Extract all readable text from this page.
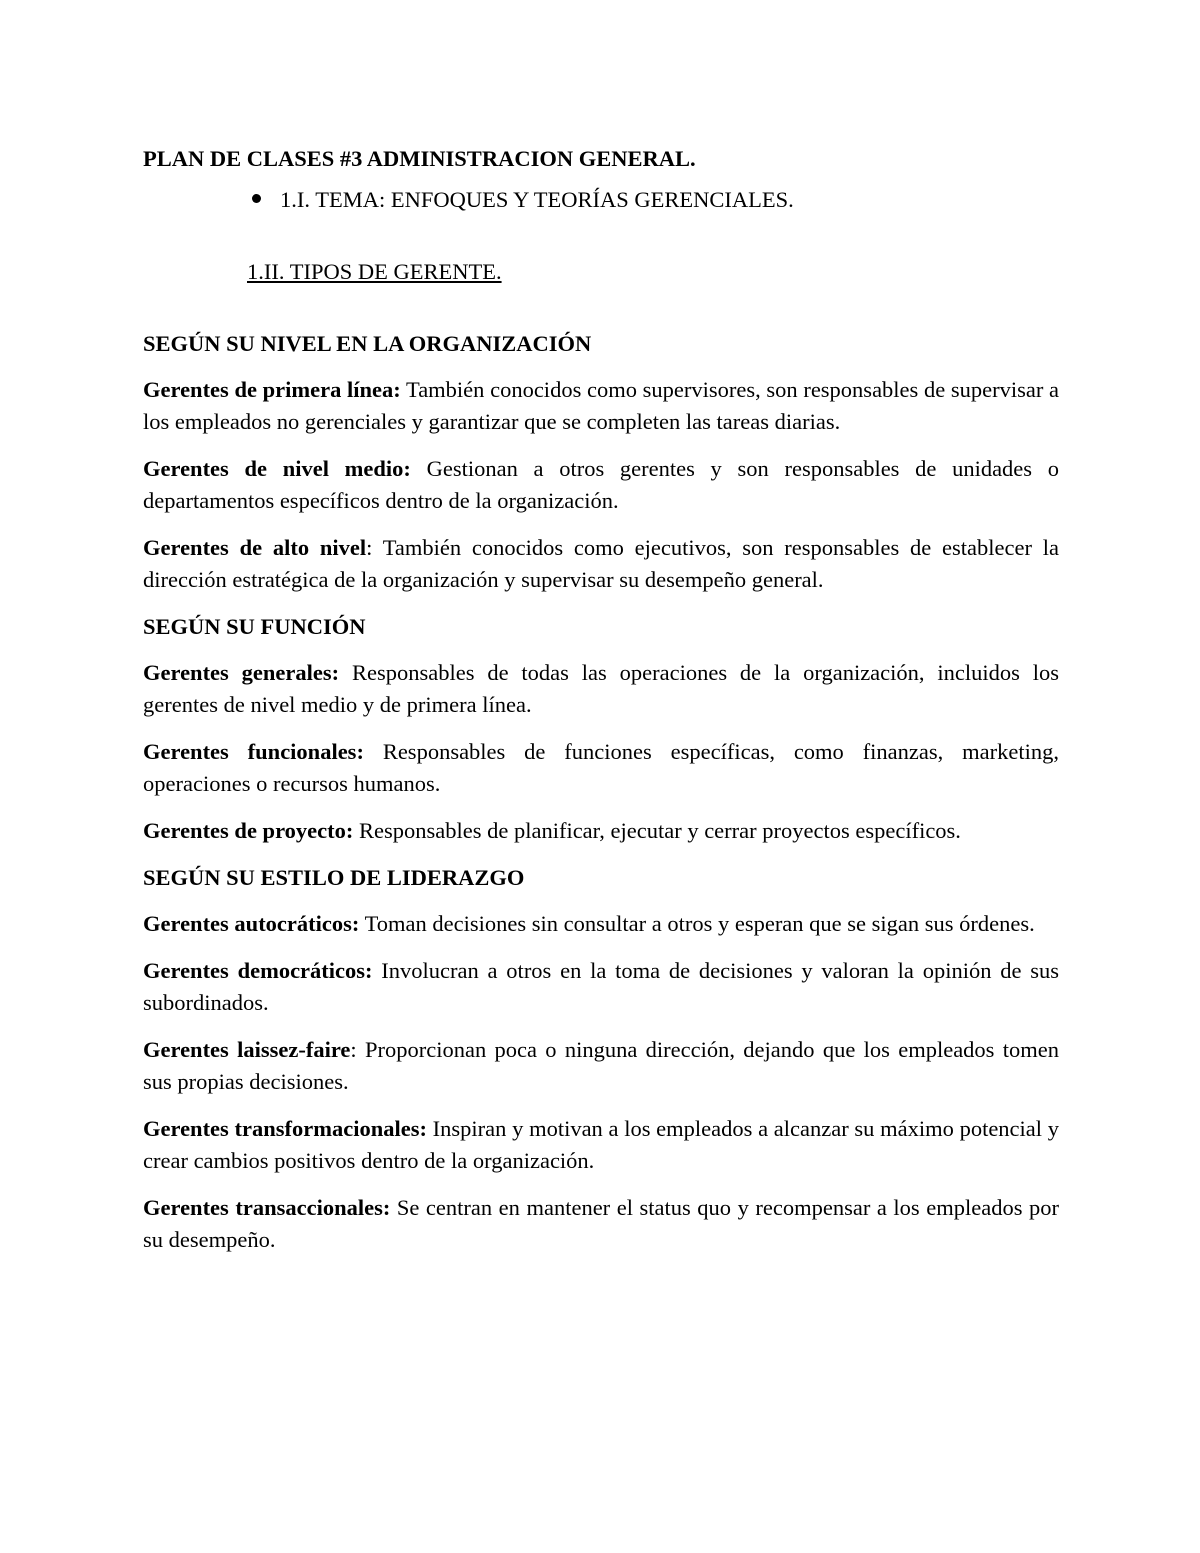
PLAN DE CLASES #3 ADMINISTRACION GENERAL.
1.I. TEMA: ENFOQUES Y TEORÍAS GERENCIALES.
1.II. TIPOS DE GERENTE.
SEGÚN SU NIVEL EN LA ORGANIZACIÓN

Gerentes de primera línea: También conocidos como supervisores, son responsables de supervisar a los empleados no gerenciales y garantizar que se completen las tareas diarias.

Gerentes de nivel medio: Gestionan a otros gerentes y son responsables de unidades o departamentos específicos dentro de la organización.

Gerentes de alto nivel: También conocidos como ejecutivos, son responsables de establecer la dirección estratégica de la organización y supervisar su desempeño general.

SEGÚN SU FUNCIÓN

Gerentes generales: Responsables de todas las operaciones de la organización, incluidos los gerentes de nivel medio y de primera línea.

Gerentes funcionales: Responsables de funciones específicas, como finanzas, marketing, operaciones o recursos humanos.

Gerentes de proyecto: Responsables de planificar, ejecutar y cerrar proyectos específicos.

SEGÚN SU ESTILO DE LIDERAZGO

Gerentes autocráticos: Toman decisiones sin consultar a otros y esperan que se sigan sus órdenes.

Gerentes democráticos: Involucran a otros en la toma de decisiones y valoran la opinión de sus subordinados.

Gerentes laissez-faire: Proporcionan poca o ninguna dirección, dejando que los empleados tomen sus propias decisiones.

Gerentes transformacionales: Inspiran y motivan a los empleados a alcanzar su máximo potencial y crear cambios positivos dentro de la organización.

Gerentes transaccionales: Se centran en mantener el status quo y recompensar a los empleados por su desempeño.
